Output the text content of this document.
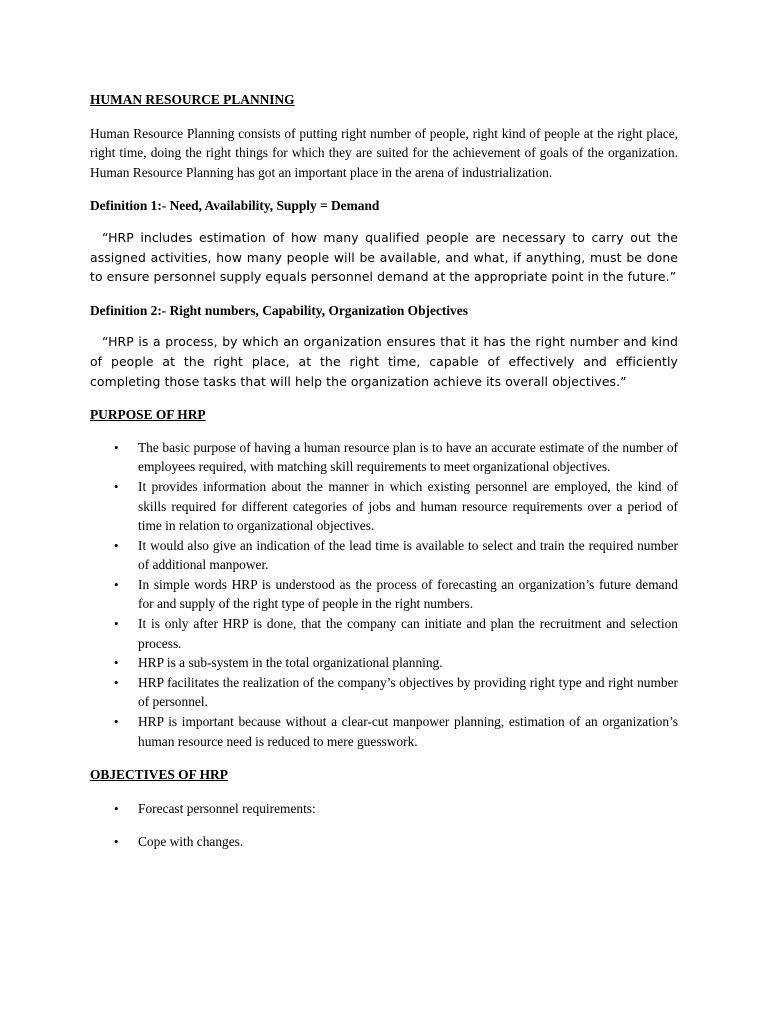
HUMAN RESOURCE PLANNING

Human Resource Planning consists of putting right number of people, right kind of people at the right place, right time, doing the right things for which they are suited for the achievement of goals of the organization. Human Resource Planning has got an important place in the arena of industrialization.

Definition 1:- Need, Availability, Supply = Demand

“HRP includes estimation of how many qualified people are necessary to carry out the assigned activities, how many people will be available, and what, if anything, must be done to ensure personnel supply equals personnel demand at the appropriate point in the future.”

Definition 2:- Right numbers, Capability, Organization Objectives

“HRP is a process, by which an organization ensures that it has the right number and kind of people at the right place, at the right time, capable of effectively and efficiently completing those tasks that will help the organization achieve its overall objectives.”

PURPOSE OF HRP

• The basic purpose of having a human resource plan is to have an accurate estimate of the number of employees required, with matching skill requirements to meet organizational objectives.
• It provides information about the manner in which existing personnel are employed, the kind of skills required for different categories of jobs and human resource requirements over a period of time in relation to organizational objectives.
• It would also give an indication of the lead time is available to select and train the required number of additional manpower.
• In simple words HRP is understood as the process of forecasting an organization’s future demand for and supply of the right type of people in the right numbers.
• It is only after HRP is done, that the company can initiate and plan the recruitment and selection process.
• HRP is a sub-system in the total organizational planning.
• HRP facilitates the realization of the company’s objectives by providing right type and right number of personnel.
• HRP is important because without a clear-cut manpower planning, estimation of an organization’s human resource need is reduced to mere guesswork.

OBJECTIVES OF HRP

• Forecast personnel requirements:
• Cope with changes.
